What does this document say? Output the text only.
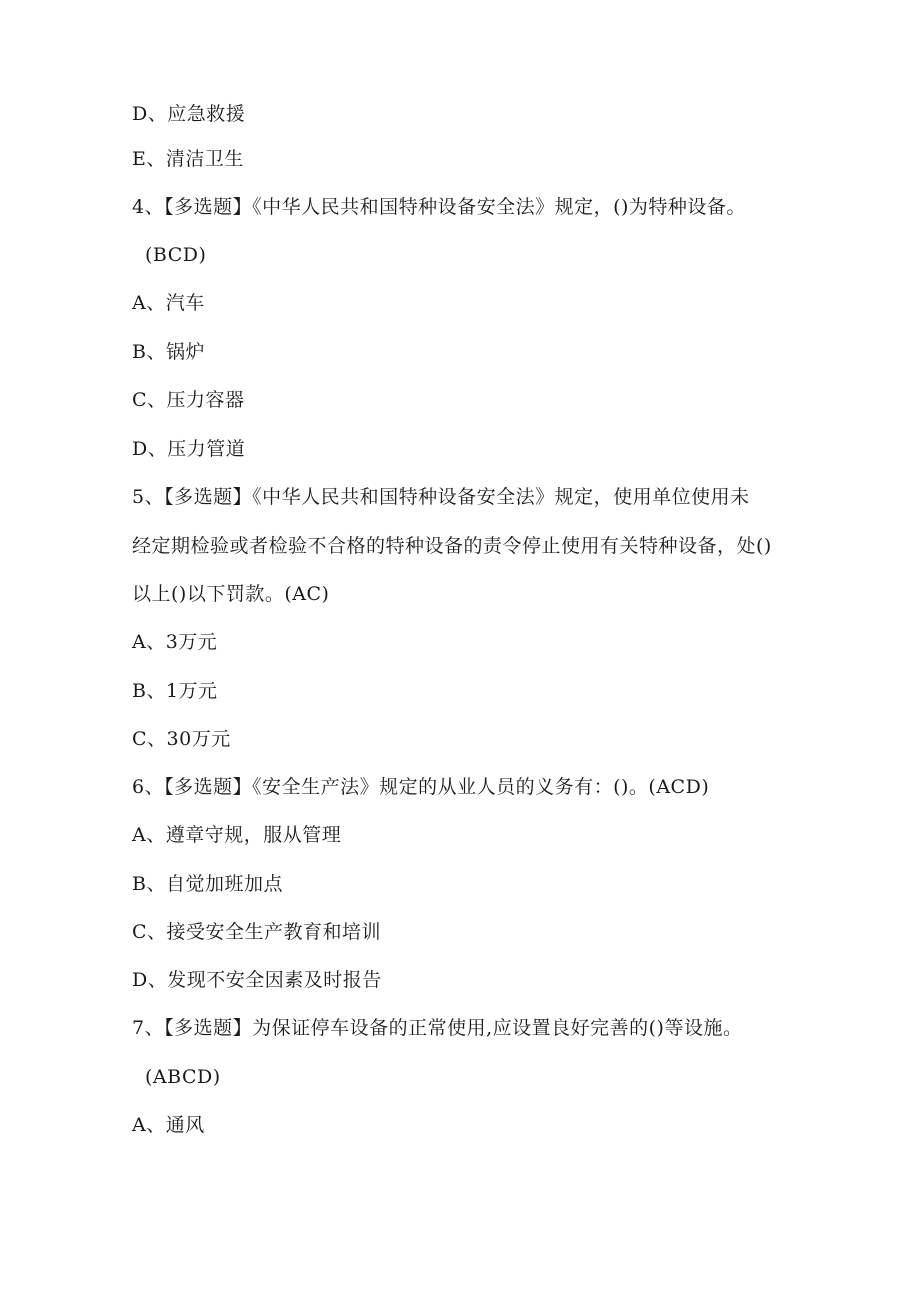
D、应急救援
E、清洁卫生
4、【多选题】《中华人民共和国特种设备安全法》规定，()为特种设备。
(BCD)
A、汽车
B、锅炉
C、压力容器
D、压力管道
5、【多选题】《中华人民共和国特种设备安全法》规定，使用单位使用未
经定期检验或者检验不合格的特种设备的责令停止使用有关特种设备，处()
以上()以下罚款。(AC)
A、3万元
B、1万元
C、30万元
6、【多选题】《安全生产法》规定的从业人员的义务有：()。(ACD)
A、遵章守规，服从管理
B、自觉加班加点
C、接受安全生产教育和培训
D、发现不安全因素及时报告
7、【多选题】为保证停车设备的正常使用,应设置良好完善的()等设施。
(ABCD)
A、通风
